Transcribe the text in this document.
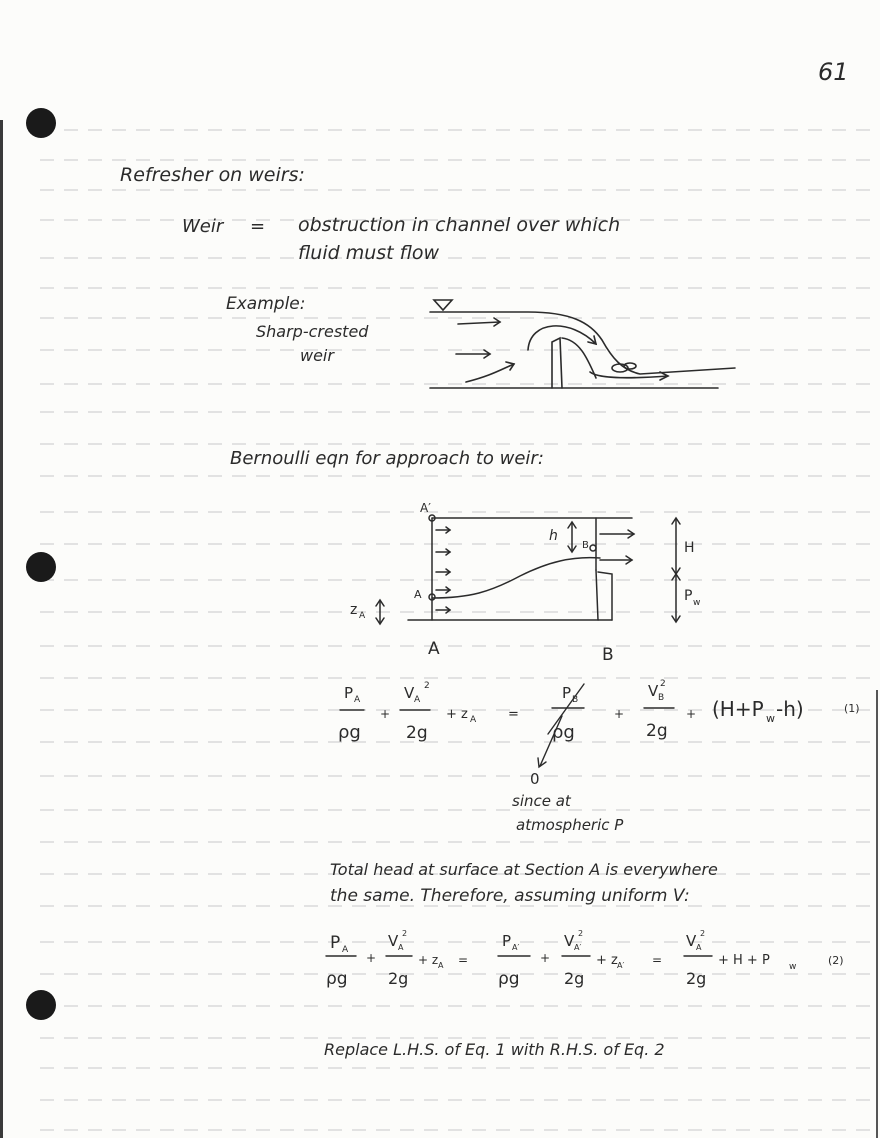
61
Refresher on weirs:
Weir = obstruction in channel over which
fluid must flow
Example:
Sharp-crested
weir
Bernoulli eqn for approach to weir:
A′
A
h
B	H
P w
z A
A	B
P A
ρg
+
V A
2
2g
+ z A =
P B
ρg
+
V B
2
2g
+ (H+P w -h)	(1)
0
since at
atmospheric P
Total head at surface at Section A is everywhere
the same. Therefore, assuming uniform V:
P A
ρg
+
V A
2
2g
+ z A =
P A′
ρg
+
V A′
2
2g
+ z A′ =
V A
2
2g
+ H + P w	(2)
Replace L.H.S. of Eq. 1 with R.H.S. of Eq. 2
